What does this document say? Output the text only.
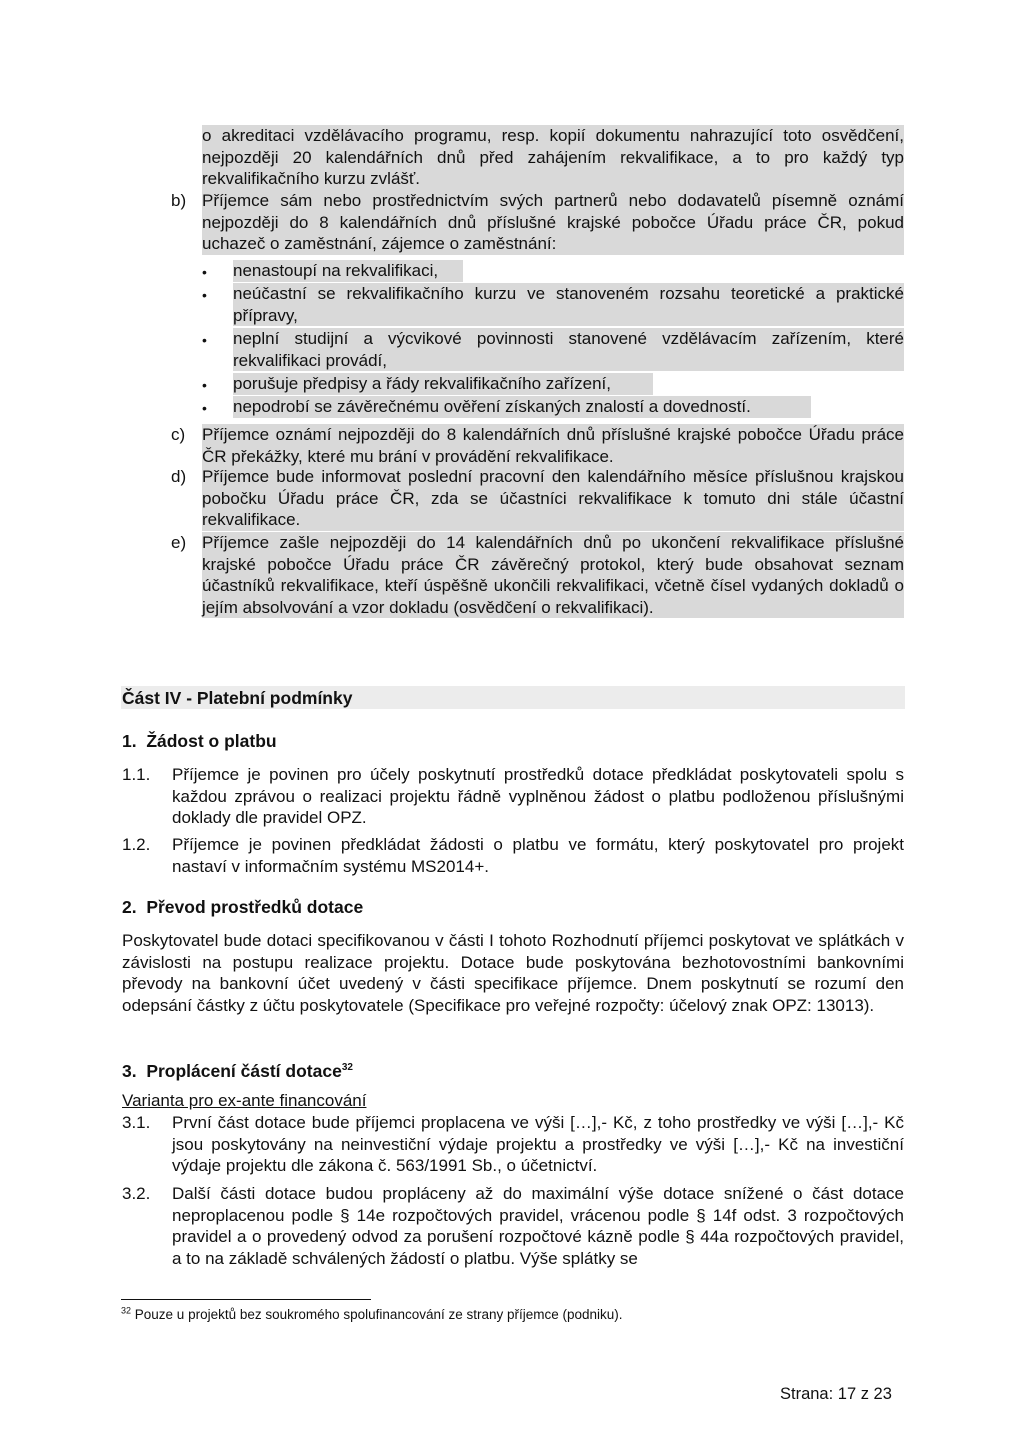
o akreditaci vzdělávacího programu, resp. kopií dokumentu nahrazující toto osvědčení, nejpozději 20 kalendářních dnů před zahájením rekvalifikace, a to pro každý typ rekvalifikačního kurzu zvlášť.
b) Příjemce sám nebo prostřednictvím svých partnerů nebo dodavatelů písemně oznámí nejpozději do 8 kalendářních dnů příslušné krajské pobočce Úřadu práce ČR, pokud uchazeč o zaměstnání, zájemce o zaměstnání:
• nenastoupí na rekvalifikaci,
• neúčastní se rekvalifikačního kurzu ve stanoveném rozsahu teoretické a praktické přípravy,
• neplní studijní a výcvikové povinnosti stanovené vzdělávacím zařízením, které rekvalifikaci provádí,
• porušuje předpisy a řády rekvalifikačního zařízení,
• nepodrobí se závěrečnému ověření získaných znalostí a dovedností.
c) Příjemce oznámí nejpozději do 8 kalendářních dnů příslušné krajské pobočce Úřadu práce ČR překážky, které mu brání v provádění rekvalifikace.
d) Příjemce bude informovat poslední pracovní den kalendářního měsíce příslušnou krajskou pobočku Úřadu práce ČR, zda se účastníci rekvalifikace k tomuto dni stále účastní rekvalifikace.
e) Příjemce zašle nejpozději do 14 kalendářních dnů po ukončení rekvalifikace příslušné krajské pobočce Úřadu práce ČR závěrečný protokol, který bude obsahovat seznam účastníků rekvalifikace, kteří úspěšně ukončili rekvalifikaci, včetně čísel vydaných dokladů o jejím absolvování a vzor dokladu (osvědčení o rekvalifikaci).
Část IV - Platební podmínky
1.  Žádost o platbu
1.1. Příjemce je povinen pro účely poskytnutí prostředků dotace předkládat poskytovateli spolu s každou zprávou o realizaci projektu řádně vyplněnou žádost o platbu podloženou příslušnými doklady dle pravidel OPZ.
1.2. Příjemce je povinen předkládat žádosti o platbu ve formátu, který poskytovatel pro projekt nastaví v informačním systému MS2014+.
2.  Převod prostředků dotace
Poskytovatel bude dotaci specifikovanou v části I tohoto Rozhodnutí příjemci poskytovat ve splátkách v závislosti na postupu realizace projektu. Dotace bude poskytována bezhotovostními bankovními převody na bankovní účet uvedený v části specifikace příjemce. Dnem poskytnutí se rozumí den odepsání částky z účtu poskytovatele (Specifikace pro veřejné rozpočty: účelový znak OPZ: 13013).
3.  Proplácení částí dotace$^{32}$
Varianta pro ex-ante financování
3.1. První část dotace bude příjemci proplacena ve výši […],- Kč, z toho prostředky ve výši […],- Kč jsou poskytovány na neinvestiční výdaje projektu a prostředky ve výši […],- Kč na investiční výdaje projektu dle zákona č. 563/1991 Sb., o účetnictví.
3.2. Další části dotace budou propláceny až do maximální výše dotace snížené o část dotace neproplacenou podle § 14e rozpočtových pravidel, vrácenou podle § 14f odst. 3 rozpočtových pravidel a o provedený odvod za porušení rozpočtové kázně podle § 44a rozpočtových pravidel, a to na základě schválených žádostí o platbu. Výše splátky se
$^{32}$ Pouze u projektů bez soukromého spolufinancování ze strany příjemce (podniku).
Strana: 17 z 23
